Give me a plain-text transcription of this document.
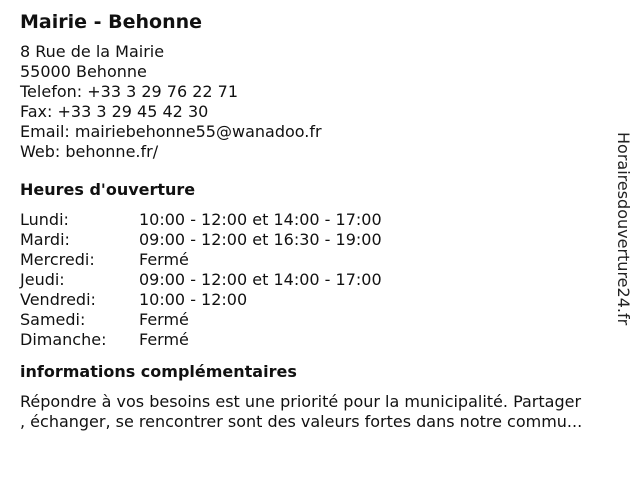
Mairie - Behonne
8 Rue de la Mairie
55000 Behonne
Telefon: +33 3 29 76 22 71
Fax: +33 3 29 45 42 30
Email: mairiebehonne55@wanadoo.fr
Web: behonne.fr/
Heures d'ouverture
Lundi:	10:00 - 12:00 et 14:00 - 17:00
Mardi:	09:00 - 12:00 et 16:30 - 19:00
Mercredi:	Fermé
Jeudi:	09:00 - 12:00 et 14:00 - 17:00
Vendredi:	10:00 - 12:00
Samedi:	Fermé
Dimanche:	Fermé
informations complémentaires
Répondre à vos besoins est une priorité pour la municipalité. Partager
, échanger, se rencontrer sont des valeurs fortes dans notre commu...
Horairesdouverture24.fr
